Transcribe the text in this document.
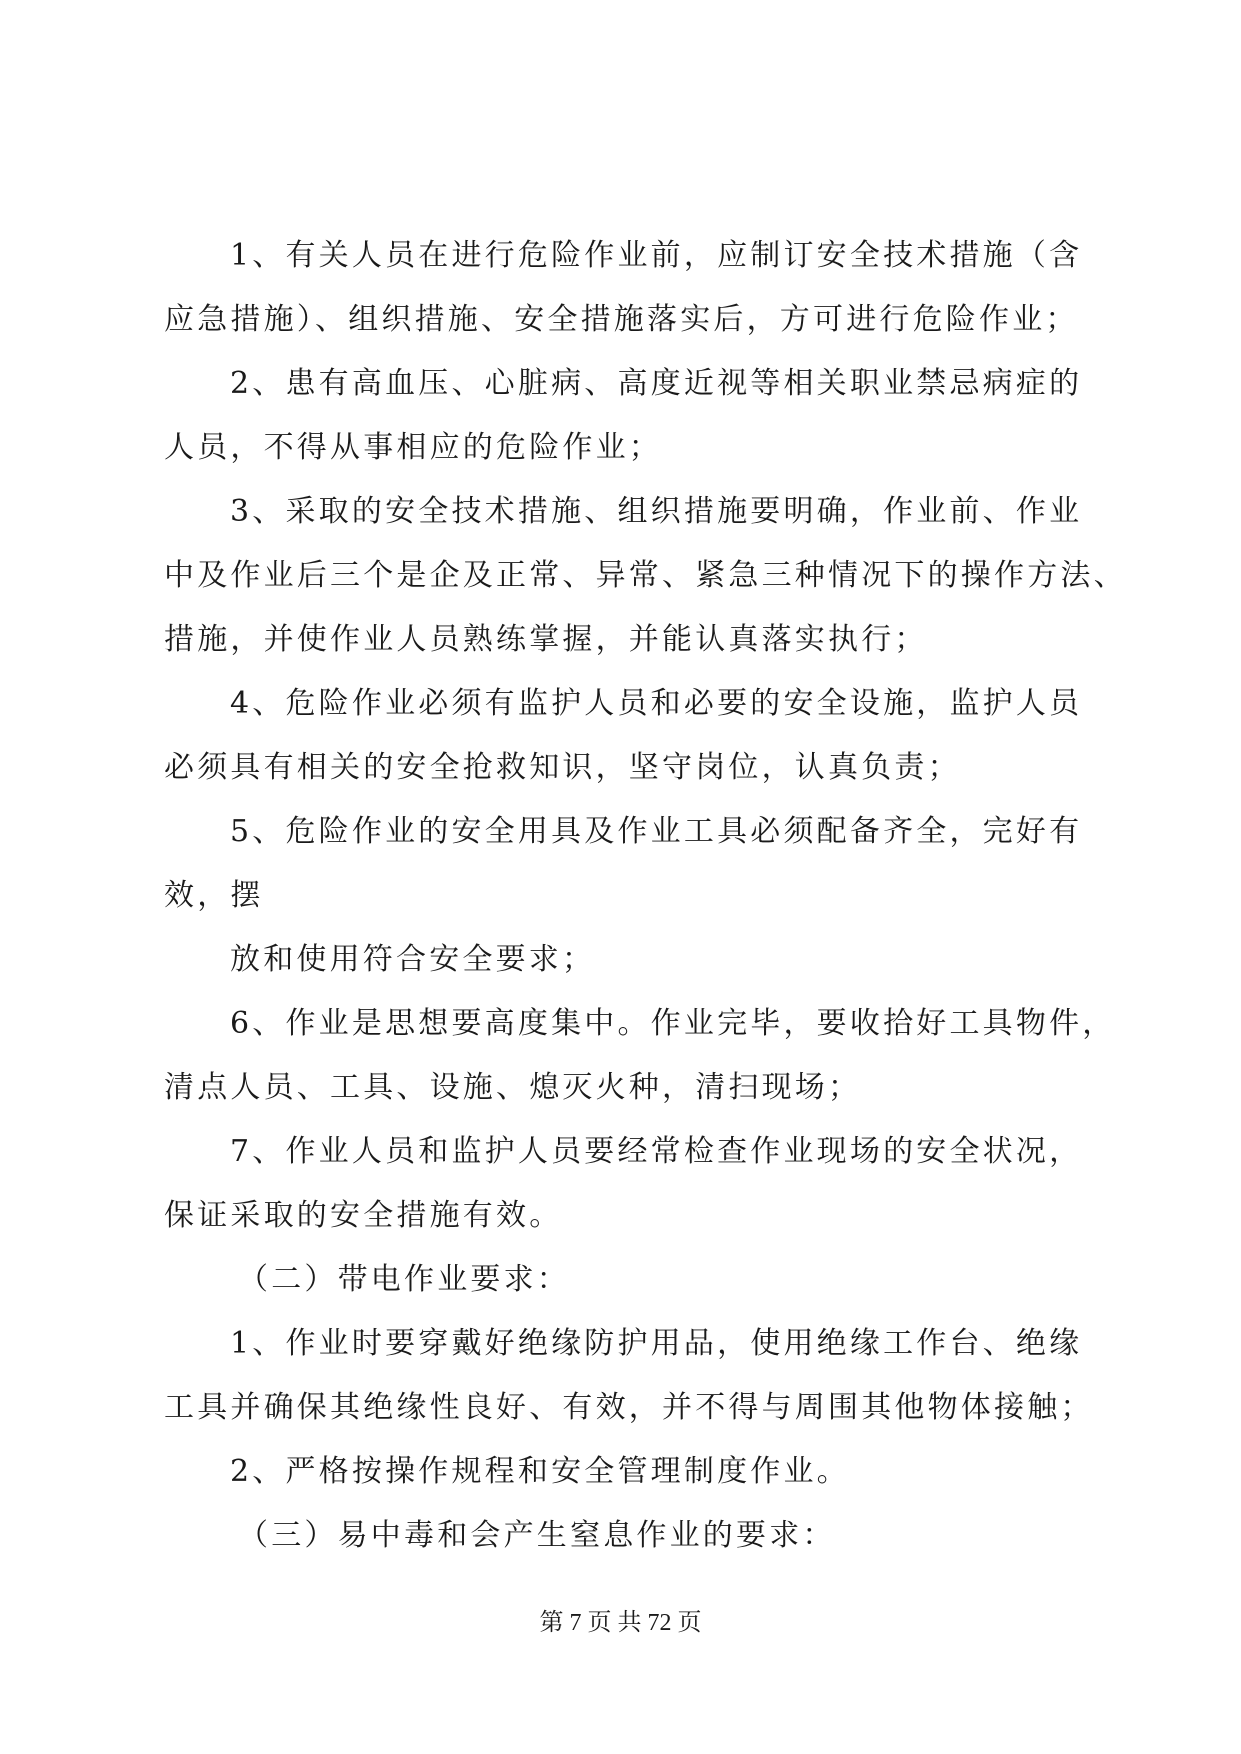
1、有关人员在进行危险作业前，应制订安全技术措施（含
应急措施）、组织措施、安全措施落实后，方可进行危险作业；
2、患有高血压、心脏病、高度近视等相关职业禁忌病症的
人员，不得从事相应的危险作业；
3、采取的安全技术措施、组织措施要明确，作业前、作业
中及作业后三个是企及正常、异常、紧急三种情况下的操作方法、
措施，并使作业人员熟练掌握，并能认真落实执行；
4、危险作业必须有监护人员和必要的安全设施，监护人员
必须具有相关的安全抢救知识，坚守岗位，认真负责；
5、危险作业的安全用具及作业工具必须配备齐全，完好有
效，摆
放和使用符合安全要求；
6、作业是思想要高度集中。作业完毕，要收拾好工具物件，
清点人员、工具、设施、熄灭火种，清扫现场；
7、作业人员和监护人员要经常检查作业现场的安全状况，
保证采取的安全措施有效。
（二）带电作业要求：
1、作业时要穿戴好绝缘防护用品，使用绝缘工作台、绝缘
工具并确保其绝缘性良好、有效，并不得与周围其他物体接触；
2、严格按操作规程和安全管理制度作业。
（三）易中毒和会产生窒息作业的要求：
第 7 页 共 72 页
